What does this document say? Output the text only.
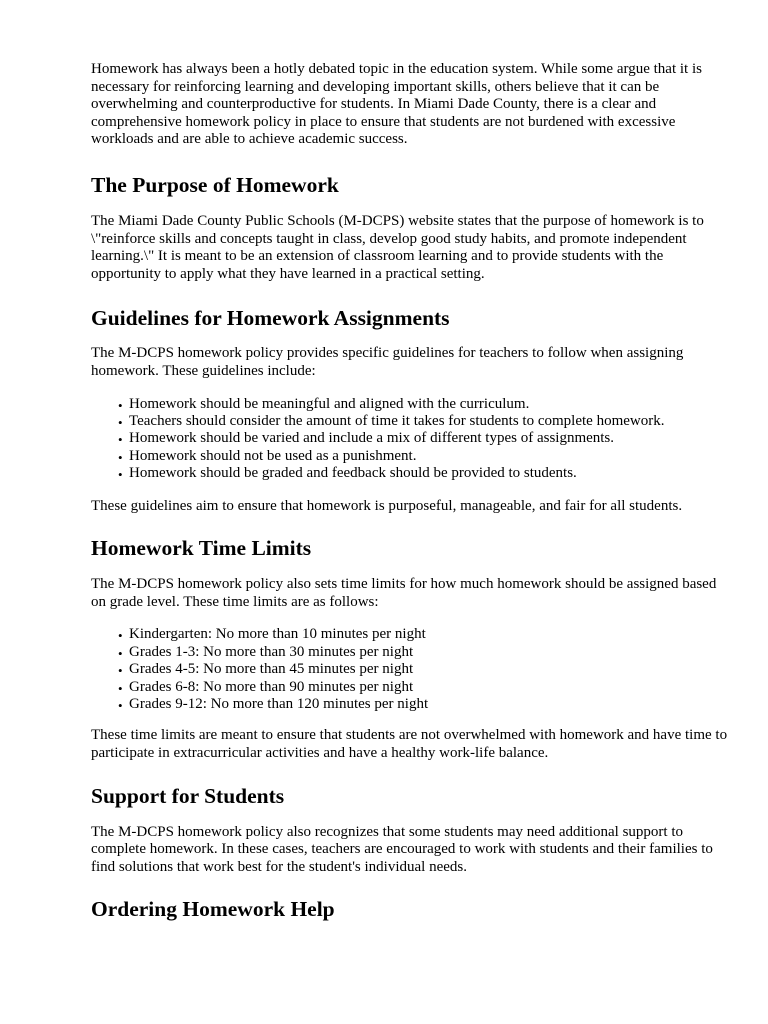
Homework has always been a hotly debated topic in the education system. While some argue that it is necessary for reinforcing learning and developing important skills, others believe that it can be overwhelming and counterproductive for students. In Miami Dade County, there is a clear and comprehensive homework policy in place to ensure that students are not burdened with excessive workloads and are able to achieve academic success.

The Purpose of Homework

The Miami Dade County Public Schools (M-DCPS) website states that the purpose of homework is to \"reinforce skills and concepts taught in class, develop good study habits, and promote independent learning.\" It is meant to be an extension of classroom learning and to provide students with the opportunity to apply what they have learned in a practical setting.

Guidelines for Homework Assignments

The M-DCPS homework policy provides specific guidelines for teachers to follow when assigning homework. These guidelines include:

• Homework should be meaningful and aligned with the curriculum.
• Teachers should consider the amount of time it takes for students to complete homework.
• Homework should be varied and include a mix of different types of assignments.
• Homework should not be used as a punishment.
• Homework should be graded and feedback should be provided to students.

These guidelines aim to ensure that homework is purposeful, manageable, and fair for all students.

Homework Time Limits

The M-DCPS homework policy also sets time limits for how much homework should be assigned based on grade level. These time limits are as follows:

• Kindergarten: No more than 10 minutes per night
• Grades 1-3: No more than 30 minutes per night
• Grades 4-5: No more than 45 minutes per night
• Grades 6-8: No more than 90 minutes per night
• Grades 9-12: No more than 120 minutes per night

These time limits are meant to ensure that students are not overwhelmed with homework and have time to participate in extracurricular activities and have a healthy work-life balance.

Support for Students

The M-DCPS homework policy also recognizes that some students may need additional support to complete homework. In these cases, teachers are encouraged to work with students and their families to find solutions that work best for the student's individual needs.

Ordering Homework Help
